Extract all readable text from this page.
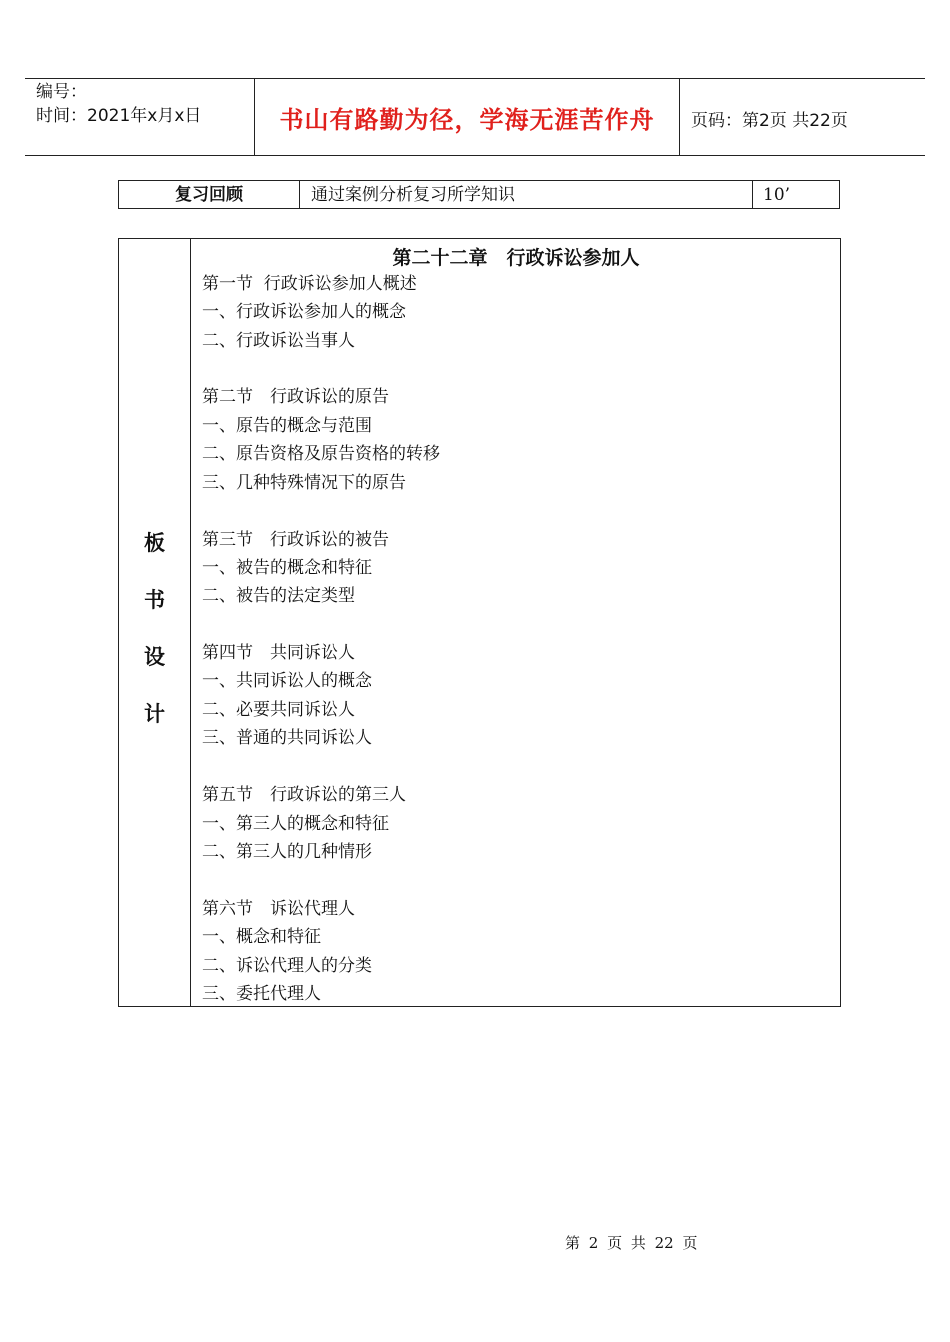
编号：
时间：2021年x月x日	书山有路勤为径，学海无涯苦作舟	页码：第2页 共22页
复习回顾	通过案例分析复习所学知识	10’
板
书
设
计
第二十二章　行政诉讼参加人
第一节  行政诉讼参加人概述
一、行政诉讼参加人的概念
二、行政诉讼当事人
第二节　行政诉讼的原告
一、原告的概念与范围
二、原告资格及原告资格的转移
三、几种特殊情况下的原告
第三节　行政诉讼的被告
一、被告的概念和特征
二、被告的法定类型
第四节　共同诉讼人
一、共同诉讼人的概念
二、必要共同诉讼人
三、普通的共同诉讼人
第五节　行政诉讼的第三人
一、第三人的概念和特征
二、第三人的几种情形
第六节　诉讼代理人
一、概念和特征
二、诉讼代理人的分类
三、委托代理人
第 2 页 共 22 页
